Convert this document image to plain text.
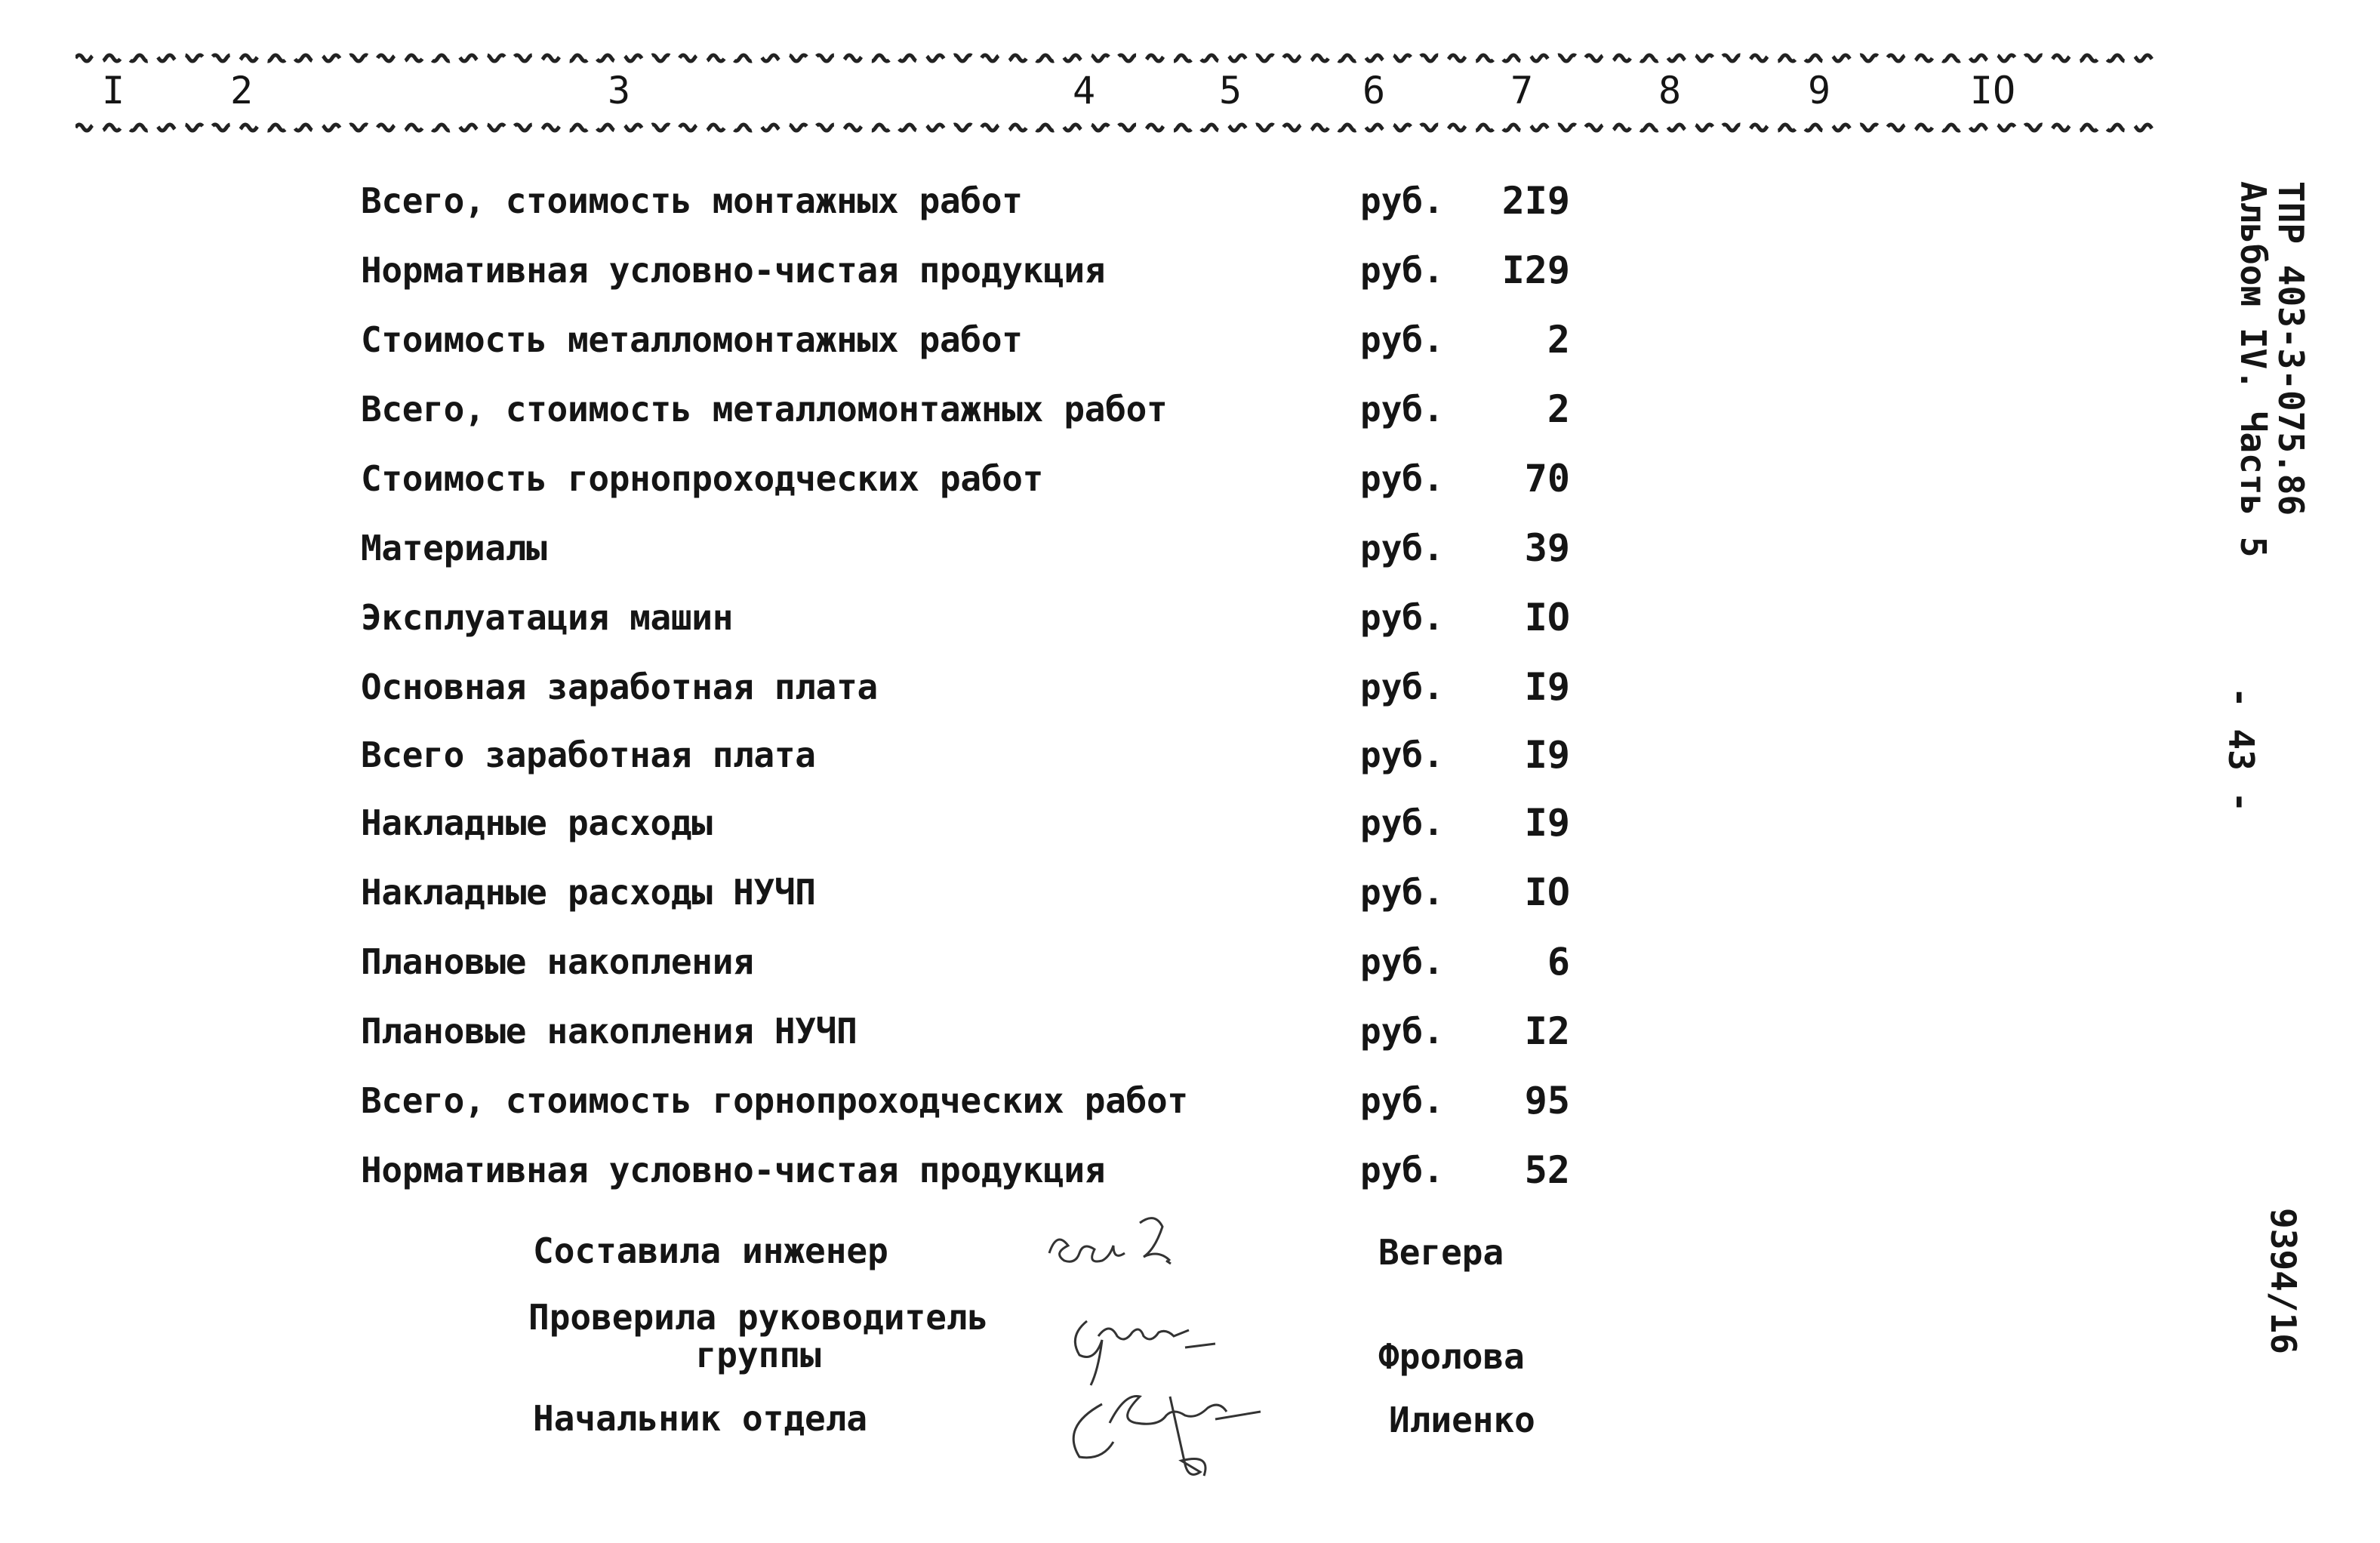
I	2	3	4	5	6	7	8	9	IO
Всего, стоимость монтажных работ	руб.	2I9
Нормативная условно-чистая продукция	руб.	I29
Стоимость металломонтажных работ	руб.	2
Всего, стоимость металломонтажных работ	руб.	2
Стоимость горнопроходческих работ	руб.	70
Материалы	руб.	39
Эксплуатация машин	руб.	IO
Основная заработная плата	руб.	I9
Всего заработная плата	руб.	I9
Накладные расходы	руб.	I9
Накладные расходы НУЧП	руб.	IO
Плановые накопления	руб.	6
Плановые накопления НУЧП	руб.	I2
Всего, стоимость горнопроходческих работ	руб.	95
Нормативная условно-чистая продукция	руб.	52
Составила инженер	Вегера
Проверила руководитель
группы	Фролова
Начальник отдела	Илиенко
ТПР 403-3-075.86
Альбом IV. Часть 5
- 43 -
9394/16
